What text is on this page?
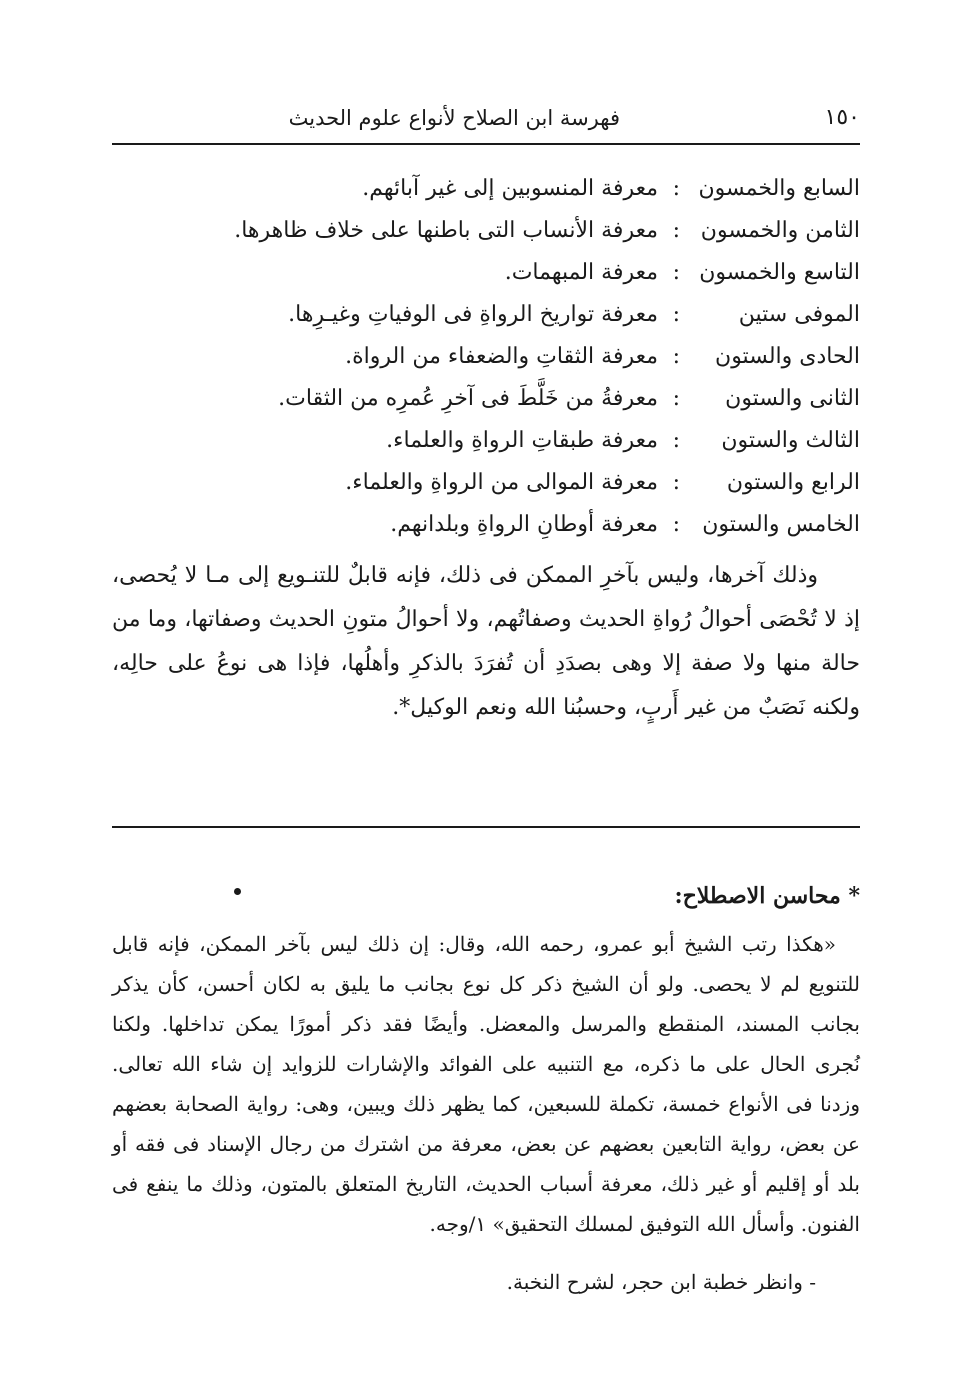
١٥٠
فهرسة ابن الصلاح لأنواع علوم الحديث
السابع والخمسون
:
معرفة المنسوبين إلى غير آبائهم.
الثامن والخمسون
:
معرفة الأنساب التى باطنها على خلاف ظاهرها.
التاسع والخمسون
:
معرفة المبهمات.
الموفى ستين
:
معرفة تواريخ الرواةِ فى الوفياتِ وغيـرِها.
الحادى والستون
:
معرفة الثقاتِ والضعفاء من الرواة.
الثانى والستون
:
معرفةُ من خَلَّطَ فى آخرِ عُمرِه من الثقات.
الثالث والستون
:
معرفة طبقاتِ الرواةِ والعلماء.
الرابع والستون
:
معرفة الموالى من الرواةِ والعلماء.
الخامس والستون
:
معرفة أوطانِ الرواةِ وبلدانهم.

وذلك آخرها، وليس بآخرِ الممكن فى ذلك، فإنه قابلٌ للتنـويع إلى مـا لا يُحصى، إذ لا تُحْصَى أحوالُ رُواةِ الحديث وصفاتُهم، ولا أحوالُ متونِ الحديث وصفاتها، وما من حالة منها ولا صفة إلا وهى بصدَدِ أن تُفرَدَ بالذكرِ وأهلُها، فإذا هى نوعُ على حالِه، ولكنه نَصَبٌ من غير أَربٍ، وحسبُنا الله ونعم الوكيل*.

* محاسن الاصطلاح:

«هكذا رتب الشيخ أبو عمرو، رحمه الله، وقال: إن ذلك ليس بآخر الممكن، فإنه قابل للتنويع لم لا يحصى. ولو أن الشيخ ذكر كل نوع بجانب ما يليق به لكان أحسن، كأن يذكر بجانب المسند، المنقطع والمرسل والمعضل. وأيضًا فقد ذكر أمورًا يمكن تداخلها. ولكنا نُجرى الحال على ما ذكره، مع التنبيه على الفوائد والإشارات للزوايد إن شاء الله تعالى. وزدنا فى الأنواع خمسة، تكملة للسبعين، كما يظهر ذلك ويبين، وهى: رواية الصحابة بعضهم عن بعض، رواية التابعين بعضهم عن بعض، معرفة من اشترك من رجال الإسناد فى فقه أو بلد أو إقليم أو غير ذلك، معرفة أسباب الحديث، التاريخ المتعلق بالمتون، وذلك ما ينفع فى الفنون. وأسأل الله التوفيق لمسلك التحقيق» ١/وجه.

- وانظر خطبة ابن حجر، لشرح النخبة.
